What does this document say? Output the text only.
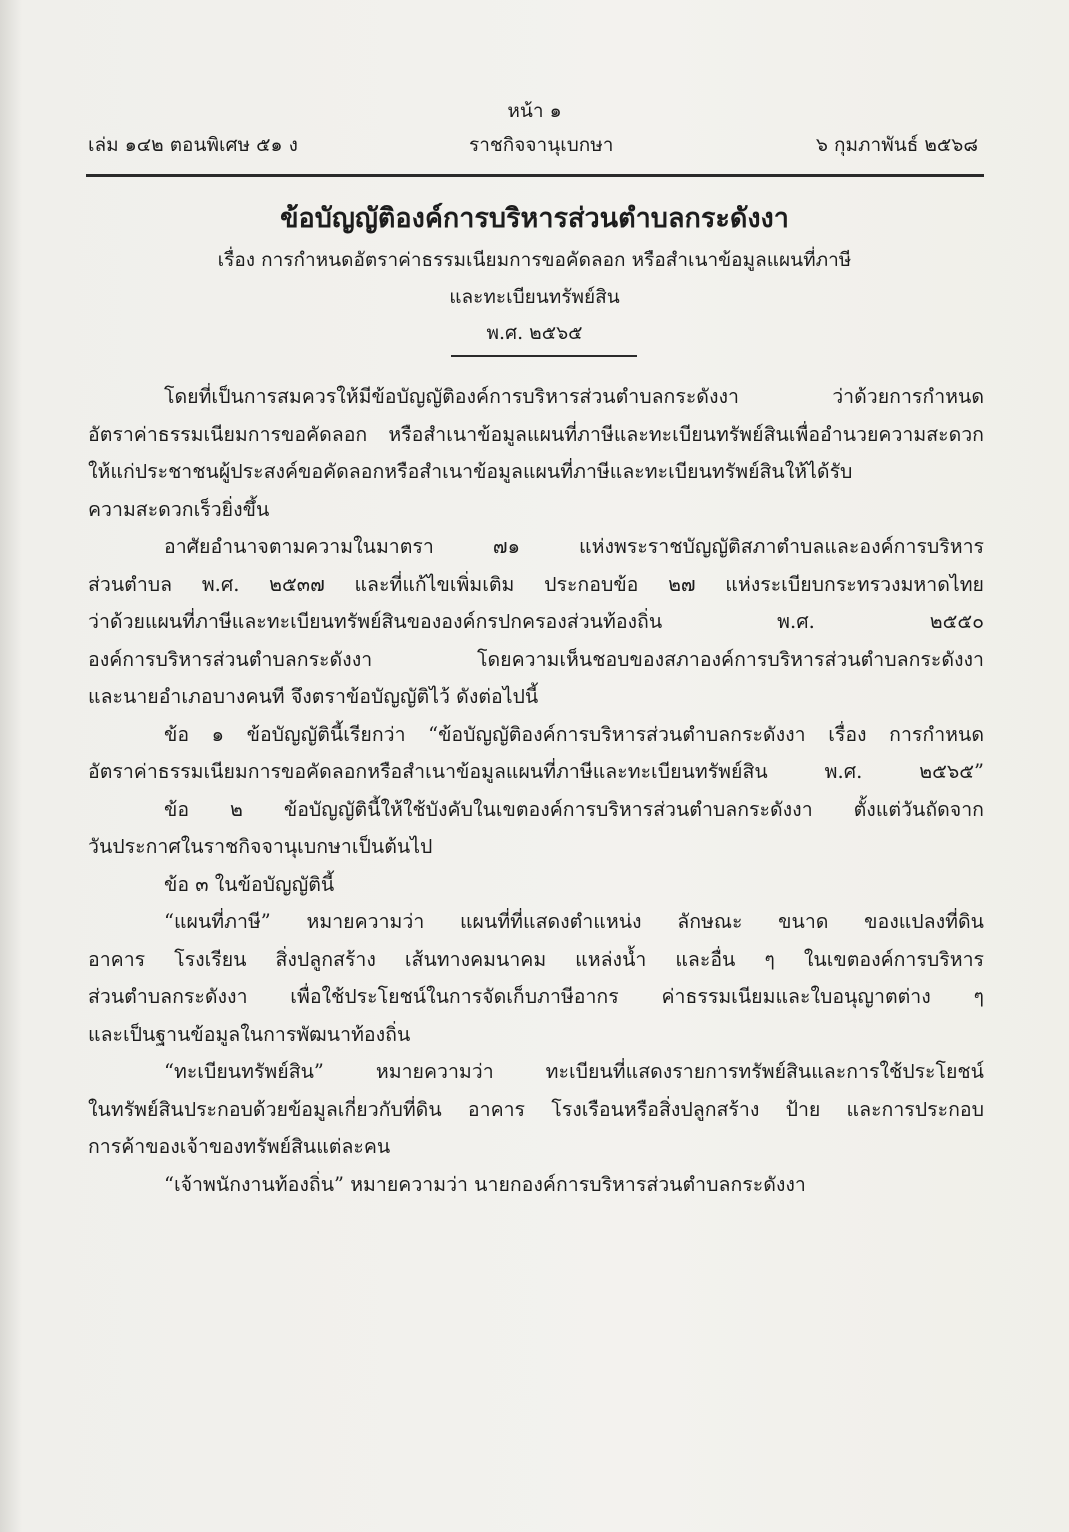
หน้า ๑
เล่ม ๑๔๒ ตอนพิเศษ ๕๑ ง	ราชกิจจานุเบกษา	๖ กุมภาพันธ์ ๒๕๖๘
ข้อบัญญัติองค์การบริหารส่วนตำบลกระดังงา
เรื่อง การกำหนดอัตราค่าธรรมเนียมการขอคัดลอก หรือสำเนาข้อมูลแผนที่ภาษี
และทะเบียนทรัพย์สิน
พ.ศ. ๒๕๖๕
โดยที่เป็นการสมควรให้มีข้อบัญญัติองค์การบริหารส่วนตำบลกระดังงา ว่าด้วยการกำหนด
อัตราค่าธรรมเนียมการขอคัดลอก หรือสำเนาข้อมูลแผนที่ภาษีและทะเบียนทรัพย์สินเพื่ออำนวยความสะดวก
ให้แก่ประชาชนผู้ประสงค์ขอคัดลอกหรือสำเนาข้อมูลแผนที่ภาษีและทะเบียนทรัพย์สินให้ได้รับ
ความสะดวกเร็วยิ่งขึ้น
อาศัยอำนาจตามความในมาตรา ๗๑ แห่งพระราชบัญญัติสภาตำบลและองค์การบริหาร
ส่วนตำบล พ.ศ. ๒๕๓๗ และที่แก้ไขเพิ่มเติม ประกอบข้อ ๒๗ แห่งระเบียบกระทรวงมหาดไทย
ว่าด้วยแผนที่ภาษีและทะเบียนทรัพย์สินขององค์กรปกครองส่วนท้องถิ่น พ.ศ. ๒๕๕๐
องค์การบริหารส่วนตำบลกระดังงา โดยความเห็นชอบของสภาองค์การบริหารส่วนตำบลกระดังงา
และนายอำเภอบางคนที จึงตราข้อบัญญัติไว้ ดังต่อไปนี้
ข้อ ๑ ข้อบัญญัตินี้เรียกว่า “ข้อบัญญัติองค์การบริหารส่วนตำบลกระดังงา เรื่อง การกำหนด
อัตราค่าธรรมเนียมการขอคัดลอกหรือสำเนาข้อมูลแผนที่ภาษีและทะเบียนทรัพย์สิน พ.ศ. ๒๕๖๕”
ข้อ ๒ ข้อบัญญัตินี้ให้ใช้บังคับในเขตองค์การบริหารส่วนตำบลกระดังงา ตั้งแต่วันถัดจาก
วันประกาศในราชกิจจานุเบกษาเป็นต้นไป
ข้อ ๓ ในข้อบัญญัตินี้
“แผนที่ภาษี” หมายความว่า แผนที่ที่แสดงตำแหน่ง ลักษณะ ขนาด ของแปลงที่ดิน
อาคาร โรงเรียน สิ่งปลูกสร้าง เส้นทางคมนาคม แหล่งน้ำ และอื่น ๆ ในเขตองค์การบริหาร
ส่วนตำบลกระดังงา เพื่อใช้ประโยชน์ในการจัดเก็บภาษีอากร ค่าธรรมเนียมและใบอนุญาตต่าง ๆ
และเป็นฐานข้อมูลในการพัฒนาท้องถิ่น
“ทะเบียนทรัพย์สิน” หมายความว่า ทะเบียนที่แสดงรายการทรัพย์สินและการใช้ประโยชน์
ในทรัพย์สินประกอบด้วยข้อมูลเกี่ยวกับที่ดิน อาคาร โรงเรือนหรือสิ่งปลูกสร้าง ป้าย และการประกอบ
การค้าของเจ้าของทรัพย์สินแต่ละคน
“เจ้าพนักงานท้องถิ่น” หมายความว่า นายกองค์การบริหารส่วนตำบลกระดังงา
